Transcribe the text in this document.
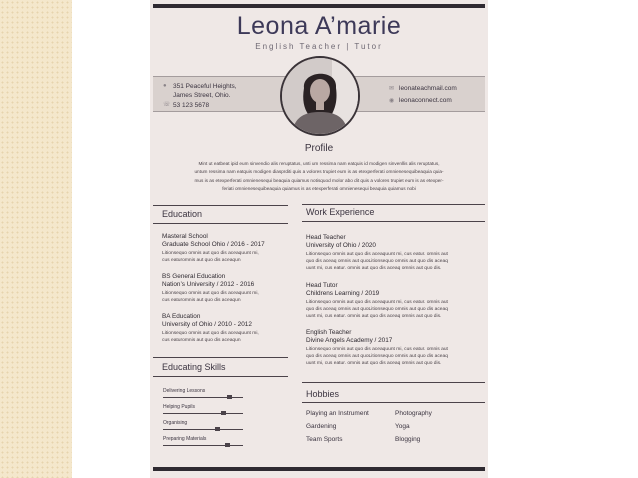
Leona A’marie
English Teacher | Tutor
● 351 Peaceful Heights,
James Street, Ohio.
☏ 53 123 5678
✉ leonateachmail.com
◉ leonaconnect.com
Profile
Mint ut eatbeat ipid eum sinvendio alis reruptatus, unti um ressima nam eatquis id modigen sinvenllis alis reruptatus,
untum ressima nam eatquis modigen diasprditi quis a volores trupiet eum is as etexperferati omnienesequibeaquia quia-
mus is as etexperferati omnienesequi beaquia quiamus notisquod molor abo dit quis a volores trupiet eum is as etexper-
feriati omnienesequibeaquia quiamus is as etexperferati omnienesequi beaquia quiamus nobi
Education
Masteral School
Graduate School Ohio / 2016 - 2017
Litionsequo omnis aut quo dis aceaquunt mi,
cus eaturomnis aut quo dis aceaqun
BS General Education
Nation’s University / 2012 - 2016
Litionsequo omnis aut quo dis aceaquunt mi,
cus eaturomnis aut quo dis aceaqun
BA Education
University of Ohio / 2010 - 2012
Litionsequo omnis aut quo dis aceaquunt mi,
cus eaturomnis aut quo dis aceaqun
Work Experience
Head Teacher
University of Ohio / 2020
Litionsequo omnis aut quo dis aceaquunt mi, cus eatur. omnis aut
quo dis aceaq omnis aut quoLitionsequo omnis aut quo dis aceaq
uunt mi, cus eatur. omnis aut quo dis aceaq omnis aut quo dis.
Head Tutor
Childrens Learning / 2019
Litionsequo omnis aut quo dis aceaquunt mi, cus eatur. omnis aut
quo dis aceaq omnis aut quoLitionsequo omnis aut quo dis aceaq
uunt mi, cus eatur. omnis aut quo dis aceaq omnis aut quo dis.
English Teacher
Divine Angels Academy / 2017
Litionsequo omnis aut quo dis aceaquunt mi, cus eatur. omnis aut
quo dis aceaq omnis aut quoLitionsequo omnis aut quo dis aceaq
uunt mi, cus eatur. omnis aut quo dis aceaq omnis aut quo dis.
Educating Skills
Delivering Lessons
Helping Pupils
Organising
Preparing Materials
Hobbies
Playing an Instrument	Photography
Gardening	Yoga
Team Sports	Blogging
